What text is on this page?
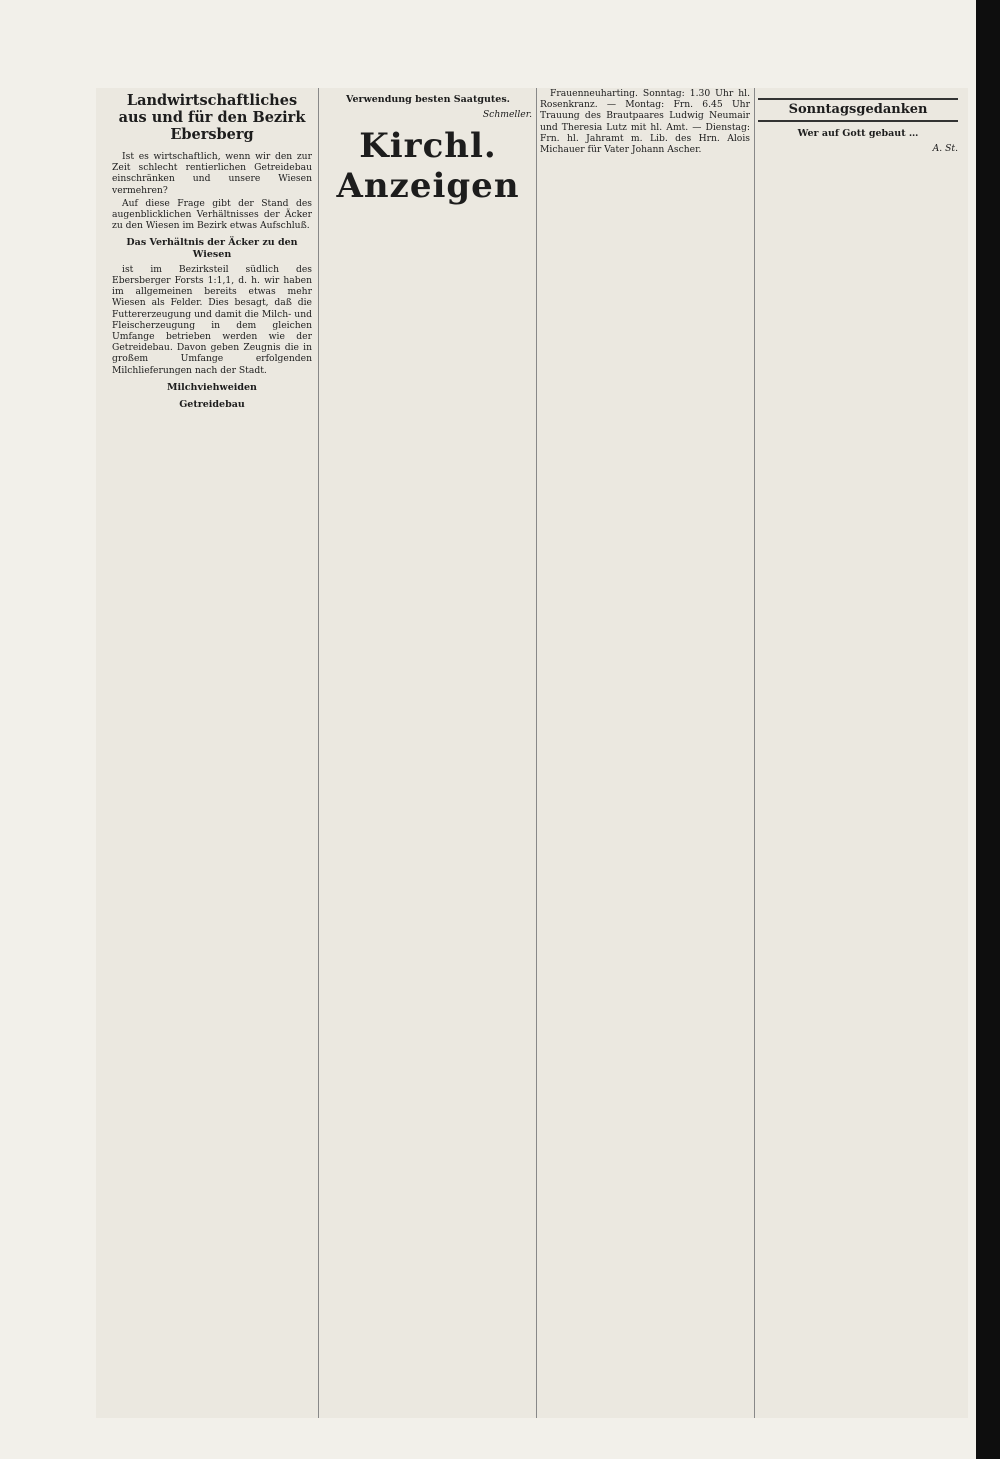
Landwirtschaftliches aus und für den Bezirk Ebersberg

Ist es wirtschaftlich, wenn wir den zur Zeit schlecht rentierlichen Getreidebau einschränken und unsere Wiesen vermehren?

Auf diese Frage gibt der Stand des augenblicklichen Verhältnisses der Äcker zu den Wiesen im Bezirk etwas Aufschluß.

Das Verhältnis der Äcker zu den Wiesen

ist im Bezirksteil südlich des Ebersberger Forsts 1:1,1, d. h. wir haben im allgemeinen bereits etwas mehr Wiesen als Felder. Dies besagt, daß die Futtererzeugung und damit die Milch- und Fleischerzeugung in dem gleichen Umfange betrieben werden wie der Getreidebau. Davon geben Zeugnis die in großem Umfange erfolgenden Milchlieferungen nach der Stadt.

Milchviehweiden
Getreidebau
Verwendung besten Saatgutes.
Schmeller.
Kirchl. Anzeigen

Frauenneuharting. Sonntag: 1.30 Uhr hl. Rosenkranz. — Montag: Frn. 6.45 Uhr Trauung des Brautpaares Ludwig Neumair und Theresia Lutz mit hl. Amt. — Dienstag: Frn. hl. Jahramt m. Lib. des Hrn. Alois Michauer für Vater Johann Ascher.

Sonntagsgedanken
Wer auf Gott gebaut …
A. St.
